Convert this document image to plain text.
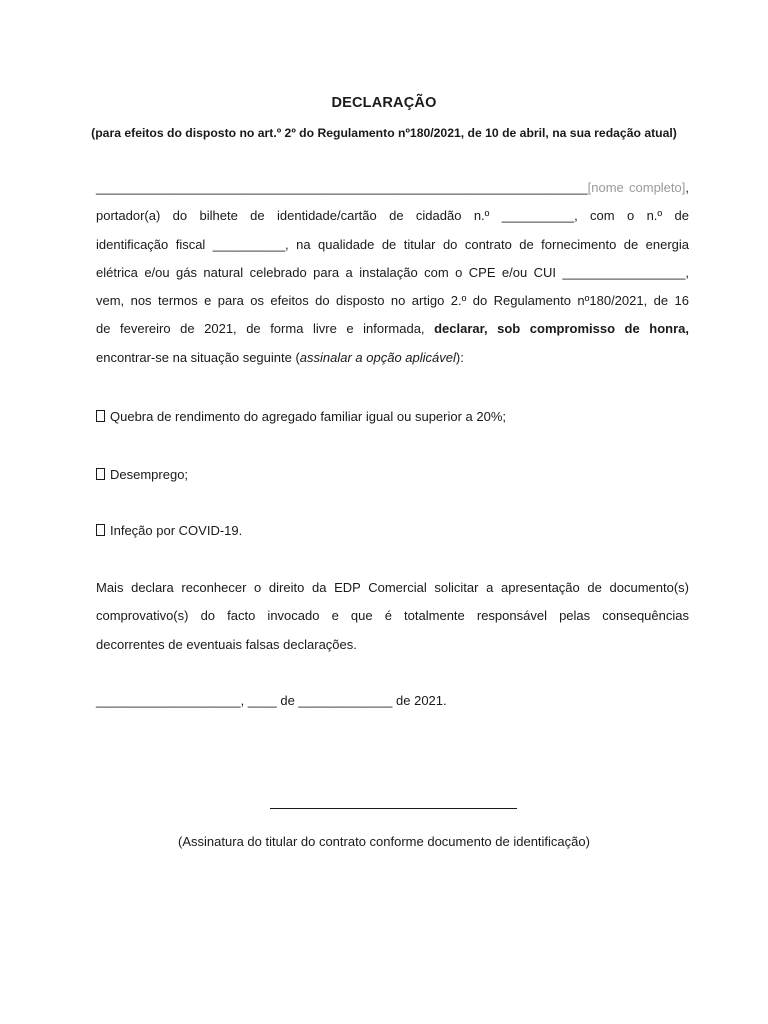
DECLARAÇÃO
(para efeitos do disposto no art.º 2º do Regulamento nº180/2021, de 10 de abril, na sua redação atual)
____________________________________________________________________[nome completo],
portador(a) do bilhete de identidade/cartão de cidadão n.º __________, com o n.º de
identificação fiscal __________, na qualidade de titular do contrato de fornecimento de energia
elétrica e/ou gás natural celebrado para a instalação com o CPE e/ou CUI _________________,
vem, nos termos e para os efeitos do disposto no artigo 2.º do Regulamento nº180/2021, de 16
de fevereiro de 2021, de forma livre e informada, declarar, sob compromisso de honra,
encontrar-se na situação seguinte (assinalar a opção aplicável):
Quebra de rendimento do agregado familiar igual ou superior a 20%;
Desemprego;
Infeção por COVID-19.
Mais declara reconhecer o direito da EDP Comercial solicitar a apresentação de documento(s)
comprovativo(s) do facto invocado e que é totalmente responsável pelas consequências
decorrentes de eventuais falsas declarações.
____________________, ____ de _____________ de 2021.
(Assinatura do titular do contrato conforme documento de identificação)
